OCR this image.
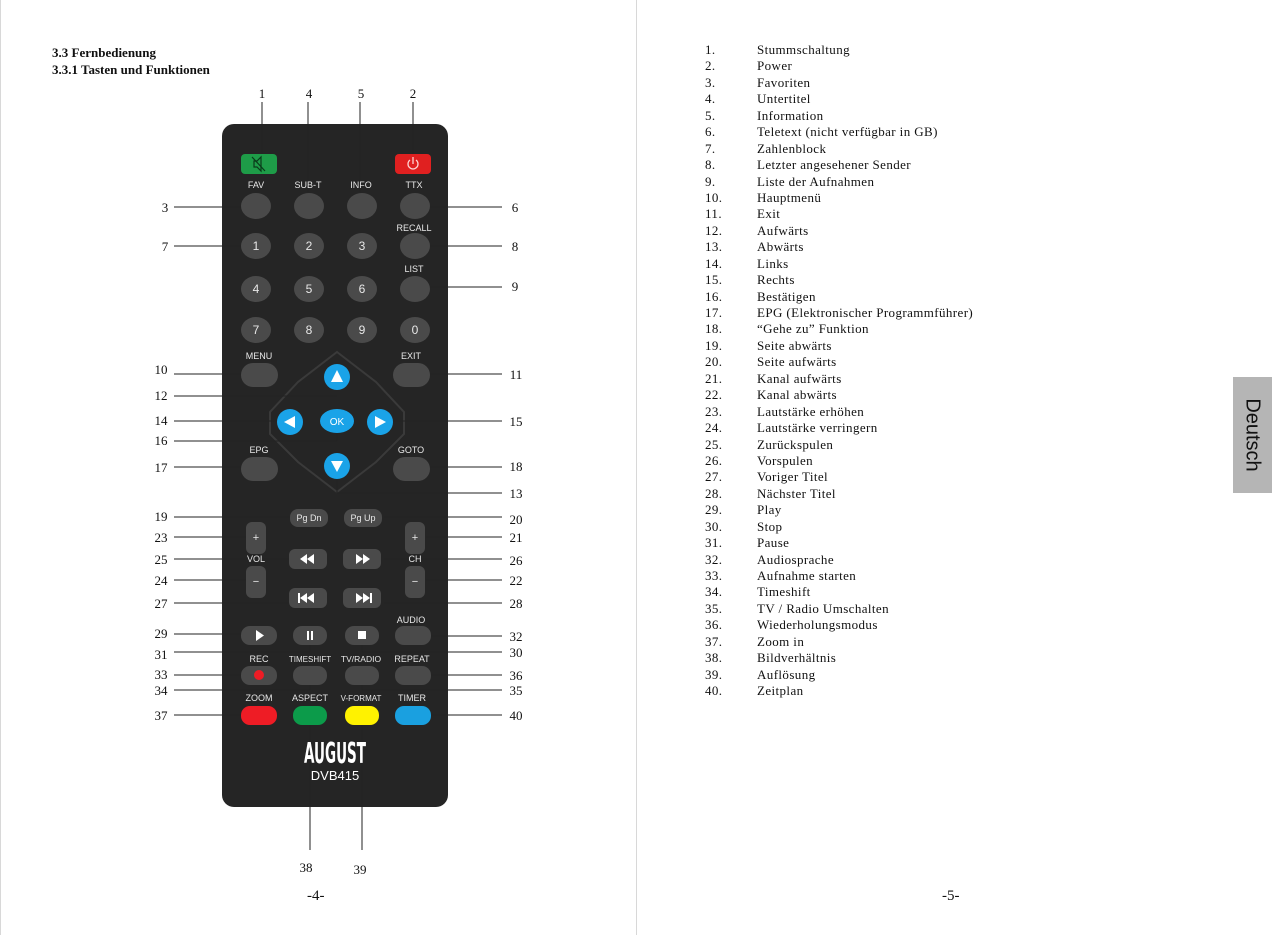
3.3 Fernbedienung
3.3.1 Tasten und Funktionen
FAV	SUB-T	INFO	TTX
RECALL
LIST
MENU	EXIT
EPG	GOTO
VOL	CH
AUDIO
REC	TIMESHIFT TV/RADIO REPEAT
ZOOM ASPECT V-FORMAT TIMER
1	2	3
4	5	6
7	8	9	0
OK
Pg Dn	Pg Up
+
−
+
−
AUGUST
DVB415
1	4	5	2
3	6
7	8
9
10	11
12
14	15
16
17	18
13
19	20
23	21
25	26
24	22
27	28
29	32
31	30
33	36
34	35
37	40
38	39
-4-
1.	Stummschaltung
2.	Power
3.	Favoriten
4.	Untertitel
5.	Information
6.	Teletext (nicht verfügbar in GB)
7.	Zahlenblock
8.	Letzter angesehener Sender
9.	Liste der Aufnahmen
10.	Hauptmenü
11.	Exit
12.	Aufwärts
13.	Abwärts
14.	Links
15.	Rechts
16.	Bestätigen
17.	EPG (Elektronischer Programmführer)
18.	“Gehe zu” Funktion
19.	Seite abwärts
20.	Seite aufwärts
21.	Kanal aufwärts
22.	Kanal abwärts
23.	Lautstärke erhöhen
24.	Lautstärke verringern
25.	Zurückspulen
26.	Vorspulen
27.	Voriger Titel
28.	Nächster Titel
29.	Play
30.	Stop
31.	Pause
32.	Audiosprache
33.	Aufnahme starten
34.	Timeshift
35.	TV / Radio Umschalten
36.	Wiederholungsmodus
37.	Zoom in
38.	Bildverhältnis
39.	Auflösung
40.	Zeitplan
-5-
Deutsch
